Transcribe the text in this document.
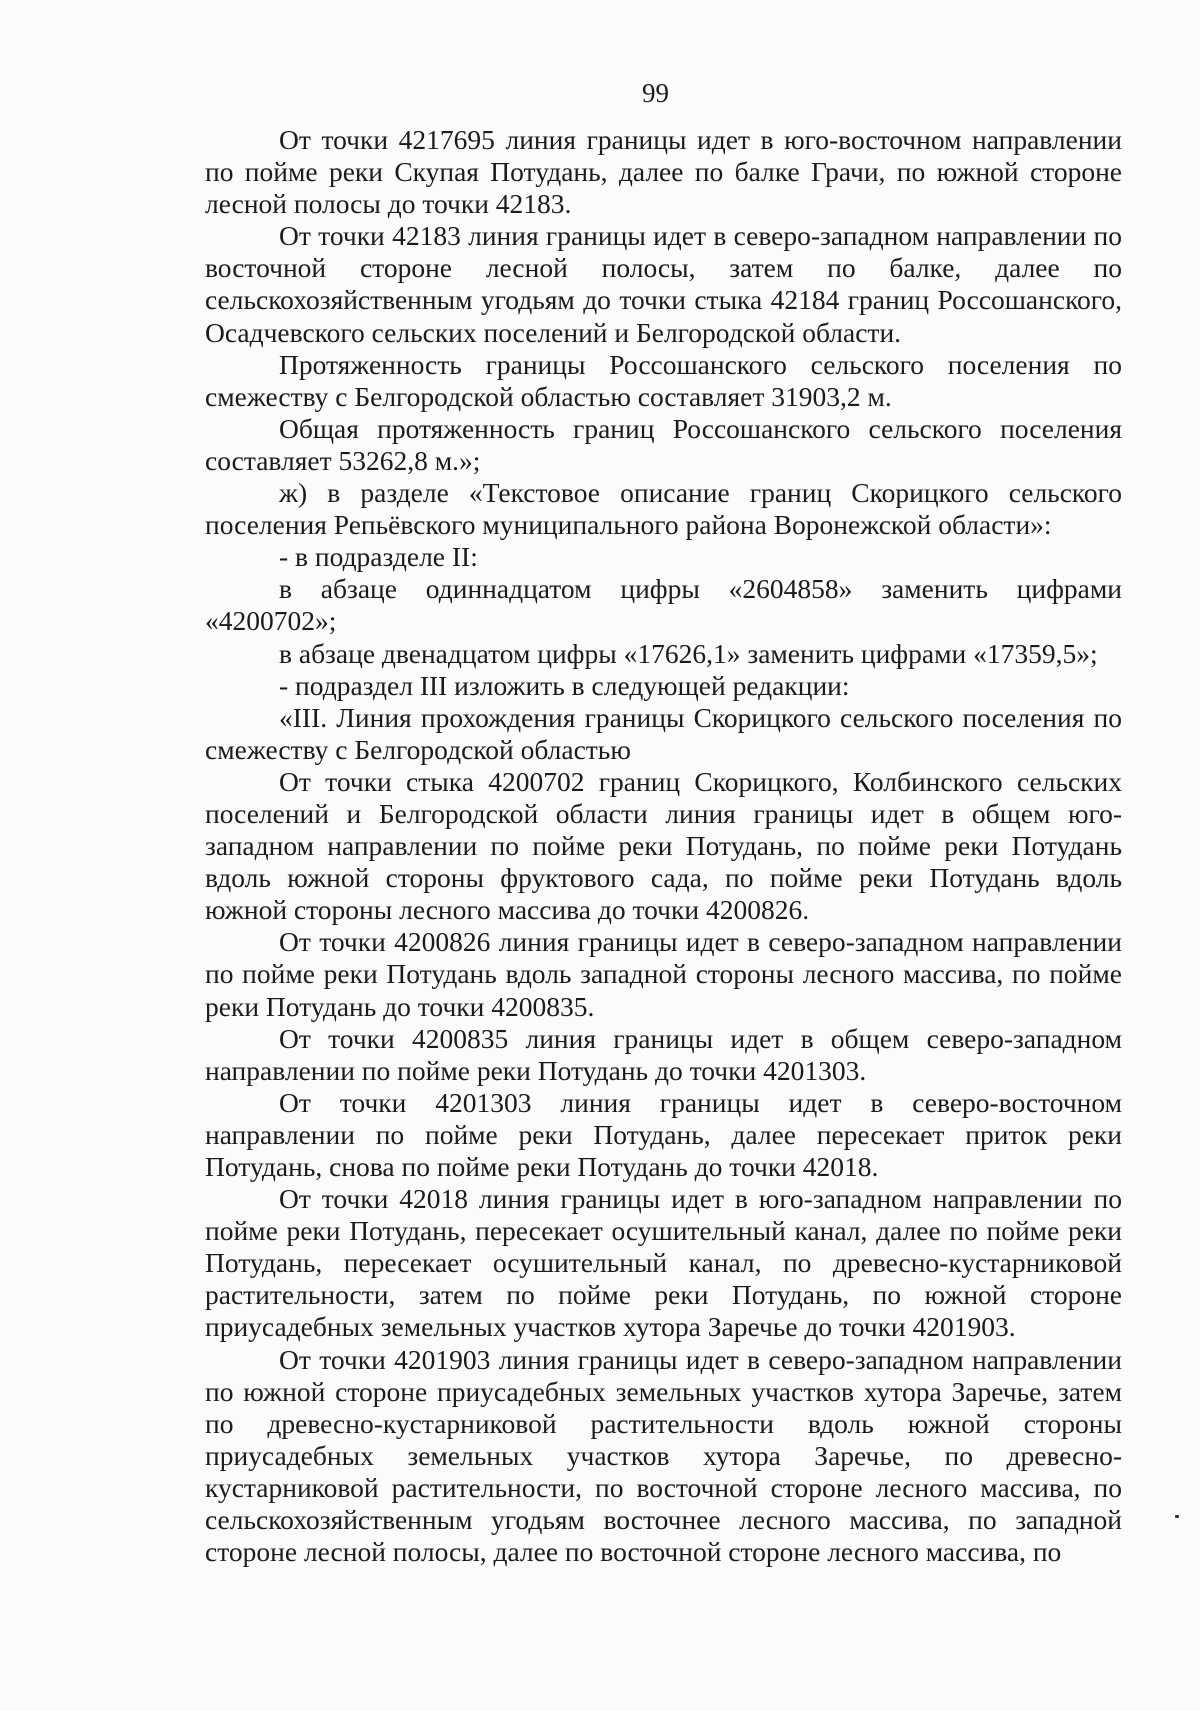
99

От точки 4217695 линия границы идет в юго-восточном направлении по пойме реки Скупая Потудань, далее по балке Грачи, по южной стороне лесной полосы до точки 42183.

От точки 42183 линия границы идет в северо-западном направлении по восточной стороне лесной полосы, затем по балке, далее по сельскохозяйственным угодьям до точки стыка 42184 границ Россошанского, Осадчевского сельских поселений и Белгородской области.

Протяженность границы Россошанского сельского поселения по смежеству с Белгородской областью составляет 31903,2 м.

Общая протяженность границ Россошанского сельского поселения составляет 53262,8 м.»;

ж) в разделе «Текстовое описание границ Скорицкого сельского поселения Репьёвского муниципального района Воронежской области»:

- в подразделе II:

в абзаце одиннадцатом цифры «2604858» заменить цифрами «4200702»;

в абзаце двенадцатом цифры «17626,1» заменить цифрами «17359,5»;

- подраздел III изложить в следующей редакции:

«III. Линия прохождения границы Скорицкого сельского поселения по смежеству с Белгородской областью

От точки стыка 4200702 границ Скорицкого, Колбинского сельских поселений и Белгородской области линия границы идет в общем юго-западном направлении по пойме реки Потудань, по пойме реки Потудань вдоль южной стороны фруктового сада, по пойме реки Потудань вдоль южной стороны лесного массива до точки 4200826.

От точки 4200826 линия границы идет в северо-западном направлении по пойме реки Потудань вдоль западной стороны лесного массива, по пойме реки Потудань до точки 4200835.

От точки 4200835 линия границы идет в общем северо-западном направлении по пойме реки Потудань до точки 4201303.

От точки 4201303 линия границы идет в северо-восточном направлении по пойме реки Потудань, далее пересекает приток реки Потудань, снова по пойме реки Потудань до точки 42018.

От точки 42018 линия границы идет в юго-западном направлении по пойме реки Потудань, пересекает осушительный канал, далее по пойме реки Потудань, пересекает осушительный канал, по древесно-кустарниковой растительности, затем по пойме реки Потудань, по южной стороне приусадебных земельных участков хутора Заречье до точки 4201903.

От точки 4201903 линия границы идет в северо-западном направлении по южной стороне приусадебных земельных участков хутора Заречье, затем по древесно-кустарниковой растительности вдоль южной стороны приусадебных земельных участков хутора Заречье, по древесно-кустарниковой растительности, по восточной стороне лесного массива, по сельскохозяйственным угодьям восточнее лесного массива, по западной стороне лесной полосы, далее по восточной стороне лесного массива, по
